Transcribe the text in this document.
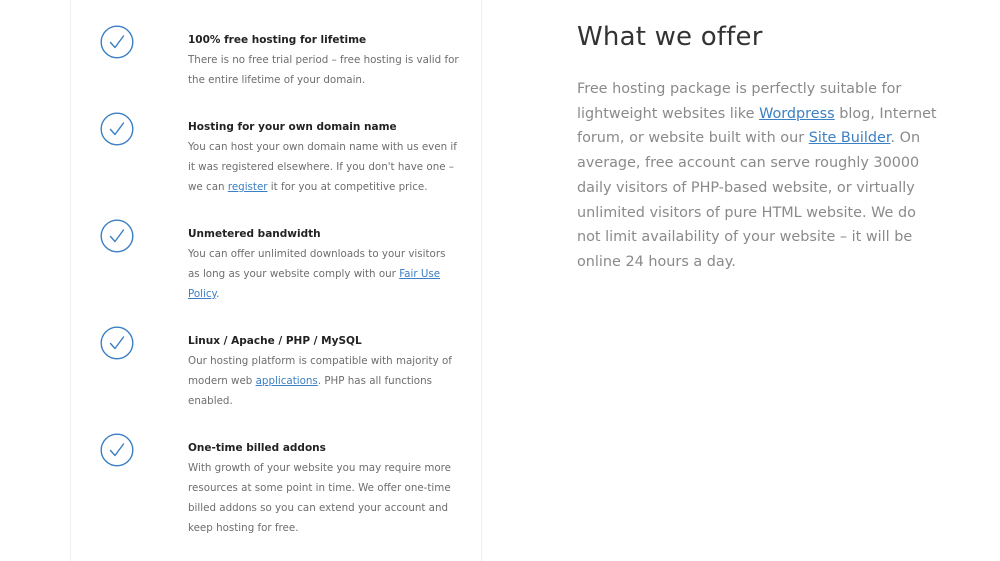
100% free hosting for lifetime
There is no free trial period – free hosting is valid for the entire lifetime of your domain.
Hosting for your own domain name
You can host your own domain name with us even if it was registered elsewhere. If you don't have one – we can register it for you at competitive price.
Unmetered bandwidth
You can offer unlimited downloads to your visitors as long as your website comply with our Fair Use Policy.
Linux / Apache / PHP / MySQL
Our hosting platform is compatible with majority of modern web applications. PHP has all functions enabled.
One-time billed addons
With growth of your website you may require more resources at some point in time. We offer one-time billed addons so you can extend your account and keep hosting for free.
What we offer

Free hosting package is perfectly suitable for lightweight websites like Wordpress blog, Internet forum, or website built with our Site Builder. On average, free account can serve roughly 30000 daily visitors of PHP-based website, or virtually unlimited visitors of pure HTML website. We do not limit availability of your website – it will be online 24 hours a day.
